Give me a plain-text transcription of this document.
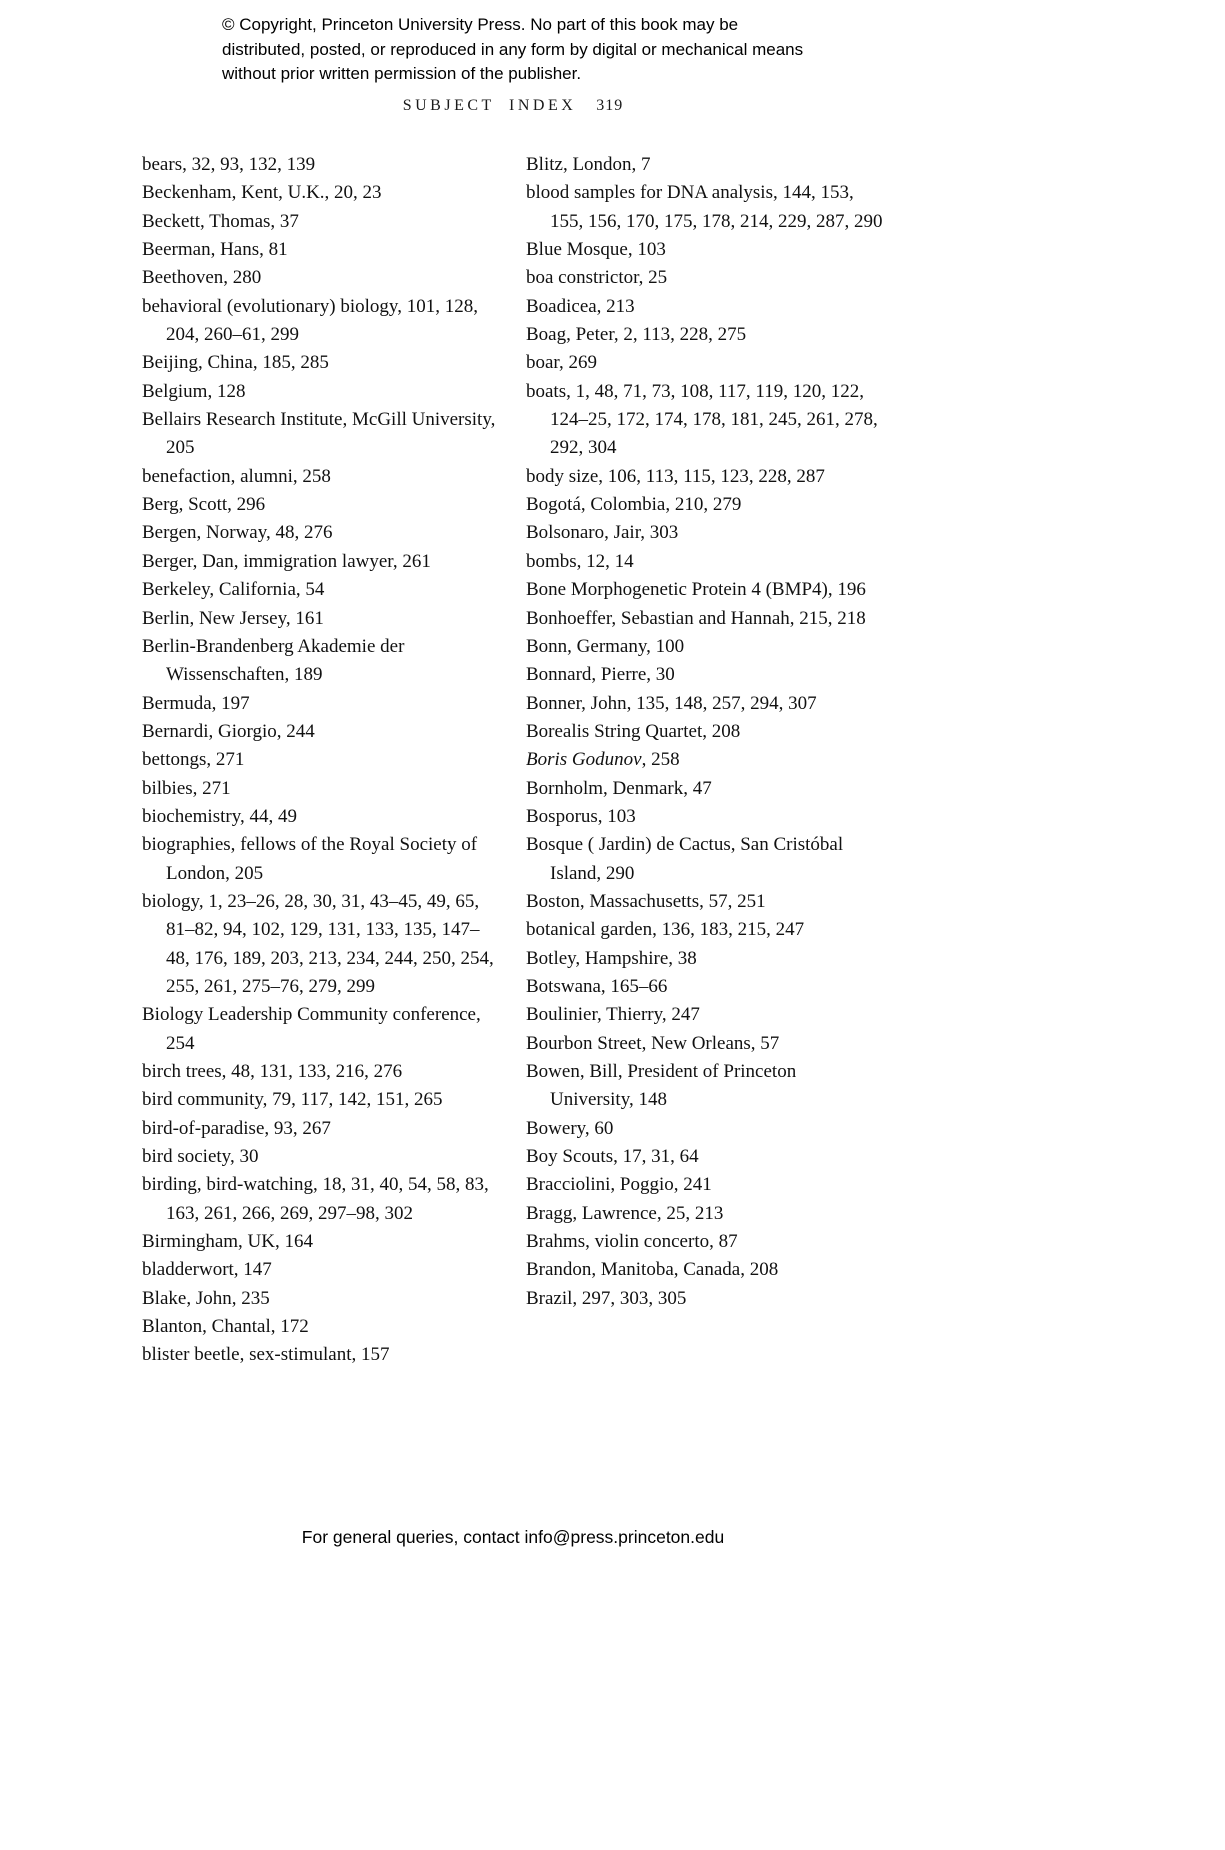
© Copyright, Princeton University Press. No part of this book may be distributed, posted, or reproduced in any form by digital or mechanical means without prior written permission of the publisher.
SUBJECT INDEX 319
bears, 32, 93, 132, 139
Beckenham, Kent, U.K., 20, 23
Beckett, Thomas, 37
Beerman, Hans, 81
Beethoven, 280
behavioral (evolutionary) biology, 101, 128, 204, 260–61, 299
Beijing, China, 185, 285
Belgium, 128
Bellairs Research Institute, McGill University, 205
benefaction, alumni, 258
Berg, Scott, 296
Bergen, Norway, 48, 276
Berger, Dan, immigration lawyer, 261
Berkeley, California, 54
Berlin, New Jersey, 161
Berlin-Brandenberg Akademie der Wissenschaften, 189
Bermuda, 197
Bernardi, Giorgio, 244
bettongs, 271
bilbies, 271
biochemistry, 44, 49
biographies, fellows of the Royal Society of London, 205
biology, 1, 23–26, 28, 30, 31, 43–45, 49, 65, 81–82, 94, 102, 129, 131, 133, 135, 147–48, 176, 189, 203, 213, 234, 244, 250, 254, 255, 261, 275–76, 279, 299
Biology Leadership Community conference, 254
birch trees, 48, 131, 133, 216, 276
bird community, 79, 117, 142, 151, 265
bird-of-paradise, 93, 267
bird society, 30
birding, bird-watching, 18, 31, 40, 54, 58, 83, 163, 261, 266, 269, 297–98, 302
Birmingham, UK, 164
bladderwort, 147
Blake, John, 235
Blanton, Chantal, 172
blister beetle, sex-stimulant, 157
Blitz, London, 7
blood samples for DNA analysis, 144, 153, 155, 156, 170, 175, 178, 214, 229, 287, 290
Blue Mosque, 103
boa constrictor, 25
Boadicea, 213
Boag, Peter, 2, 113, 228, 275
boar, 269
boats, 1, 48, 71, 73, 108, 117, 119, 120, 122, 124–25, 172, 174, 178, 181, 245, 261, 278, 292, 304
body size, 106, 113, 115, 123, 228, 287
Bogotá, Colombia, 210, 279
Bolsonaro, Jair, 303
bombs, 12, 14
Bone Morphogenetic Protein 4 (BMP4), 196
Bonhoeffer, Sebastian and Hannah, 215, 218
Bonn, Germany, 100
Bonnard, Pierre, 30
Bonner, John, 135, 148, 257, 294, 307
Borealis String Quartet, 208
Boris Godunov, 258
Bornholm, Denmark, 47
Bosporus, 103
Bosque ( Jardin) de Cactus, San Cristóbal Island, 290
Boston, Massachusetts, 57, 251
botanical garden, 136, 183, 215, 247
Botley, Hampshire, 38
Botswana, 165–66
Boulinier, Thierry, 247
Bourbon Street, New Orleans, 57
Bowen, Bill, President of Princeton University, 148
Bowery, 60
Boy Scouts, 17, 31, 64
Bracciolini, Poggio, 241
Bragg, Lawrence, 25, 213
Brahms, violin concerto, 87
Brandon, Manitoba, Canada, 208
Brazil, 297, 303, 305
For general queries, contact info@press.princeton.edu
